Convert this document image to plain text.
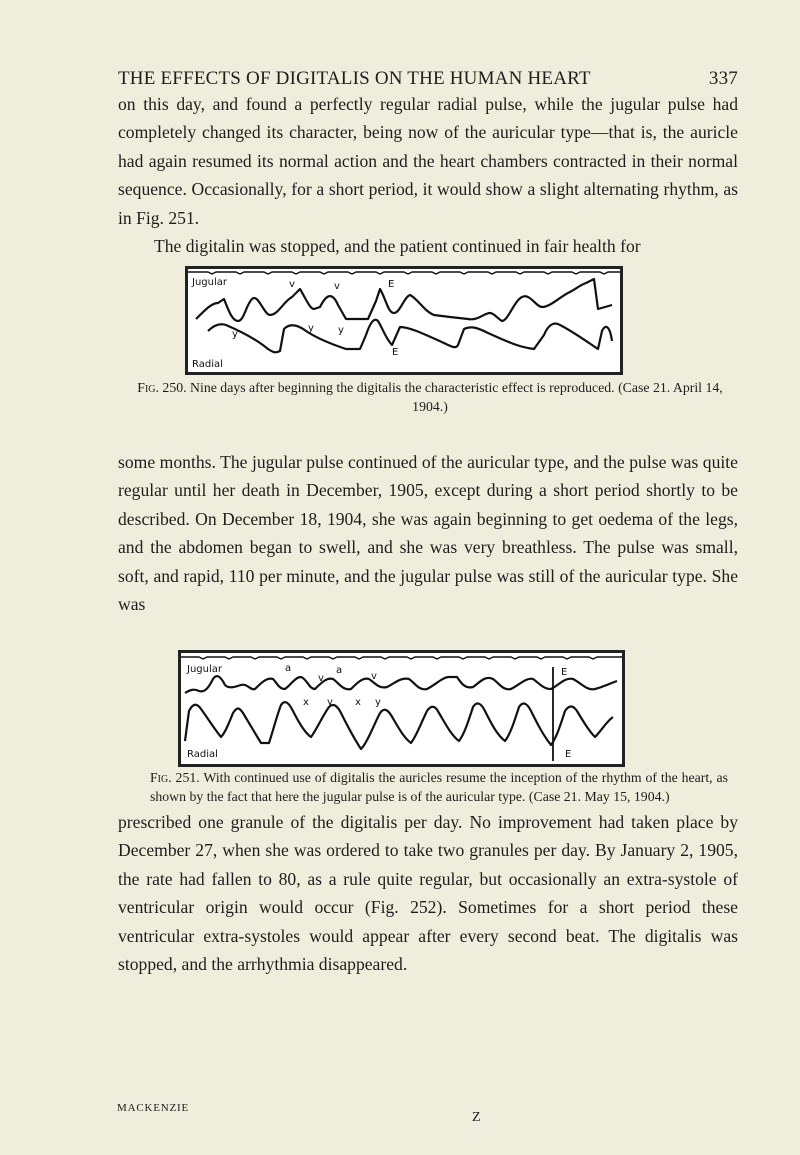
THE EFFECTS OF DIGITALIS ON THE HUMAN HEART	337

on this day, and found a perfectly regular radial pulse, while the jugular pulse had completely changed its character, being now of the auricular type—that is, the auricle had again resumed its normal action and the heart chambers contracted in their normal sequence. Occasionally, for a short period, it would show a slight alternating rhythm, as in Fig. 251.

The digitalin was stopped, and the patient continued in fair health for

Jugular
Radial
v	v
y
y y
E
E

Fig. 250. Nine days after beginning the digitalis the characteristic effect is reproduced. (Case 21. April 14, 1904.)

some months. The jugular pulse continued of the auricular type, and the pulse was quite regular until her death in December, 1905, except during a short period shortly to be described. On December 18, 1904, she was again beginning to get oedema of the legs, and the abdomen began to swell, and she was very breathless. The pulse was small, soft, and rapid, 110 per minute, and the jugular pulse was still of the auricular type. She was

Jugular
Radial
a	a
v	v
x	x
y	y
E
E

Fig. 251. With continued use of digitalis the auricles resume the inception of the rhythm of the heart, as shown by the fact that here the jugular pulse is of the auricular type. (Case 21. May 15, 1904.)

prescribed one granule of the digitalis per day. No improvement had taken place by December 27, when she was ordered to take two granules per day. By January 2, 1905, the rate had fallen to 80, as a rule quite regular, but occasionally an extra-systole of ventricular origin would occur (Fig. 252). Sometimes for a short period these ventricular extra-systoles would appear after every second beat. The digitalis was stopped, and the arrhythmia disappeared.

MACKENZIE
Z
